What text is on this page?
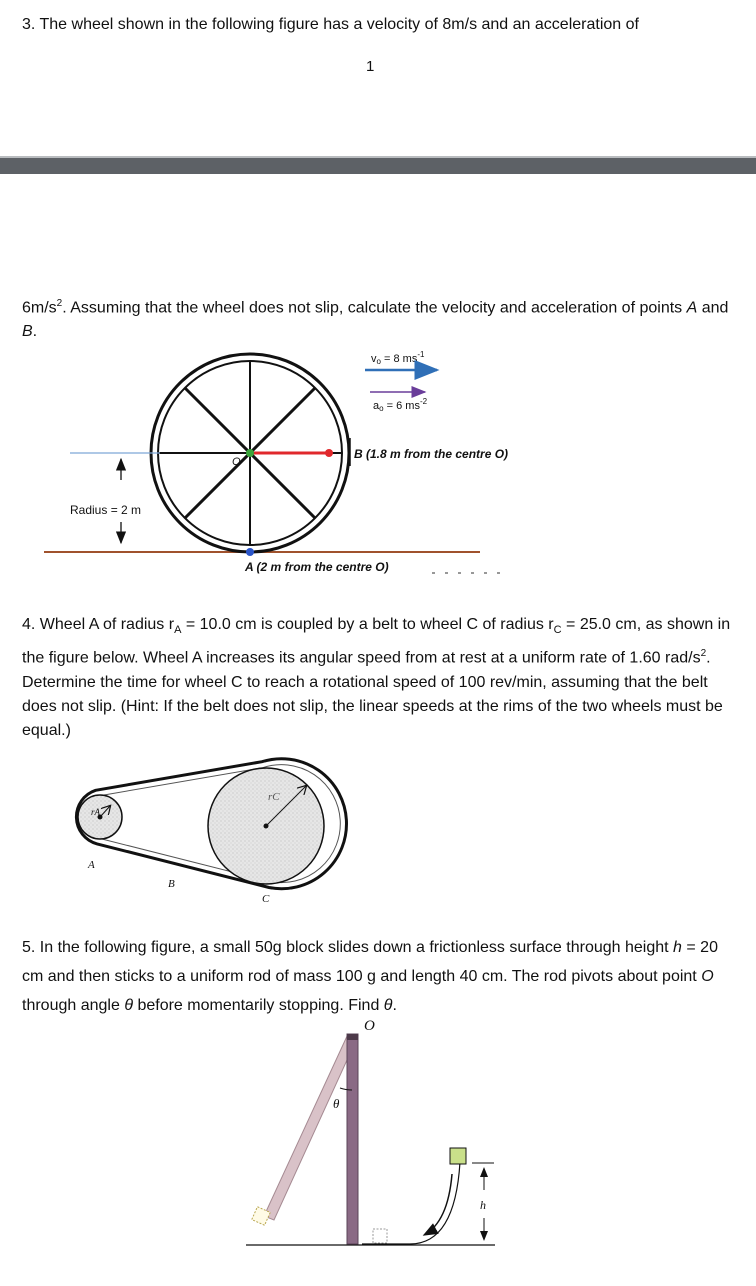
3. The wheel shown in the following figure has a velocity of 8m/s and an acceleration of
1
$6m/s^2$. Assuming that the wheel does not slip, calculate the velocity and acceleration of points A and B.
4. Wheel A of radius $r_A = 10.0$ cm is coupled by a belt to wheel C of radius $r_C = 25.0$ cm, as shown in the figure below. Wheel A increases its angular speed from at rest at a uniform rate of 1.60 rad/$s^2$. Determine the time for wheel C to reach a rotational speed of 100 rev/min, assuming that the belt does not slip. (Hint: If the belt does not slip, the linear speeds at the rims of the two wheels must be equal.)
5. In the following figure, a small 50g block slides down a frictionless surface through height h = 20 cm and then sticks to a uniform rod of mass 100 g and length 40 cm. The rod pivots about point O through angle θ before momentarily stopping. Find θ.
O
B (1.8 m from the centre O)
A (2 m from the centre O)
vo = 8 $ms^{-1}$
ao = 6 $ms^{-2}$
Radius = 2 m
rA
rC
A
B
C
O
θ
h
